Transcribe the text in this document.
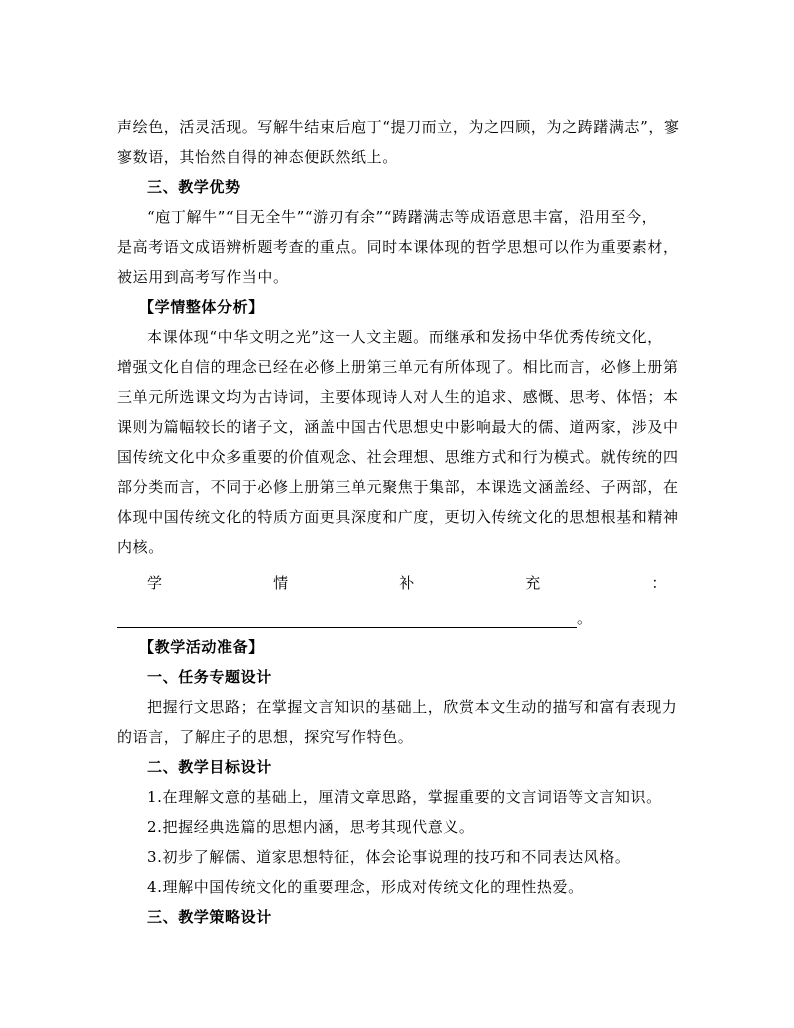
声绘色，活灵活现。写解牛结束后庖丁“提刀而立，为之四顾，为之踌躇满志”，寥
寥数语，其怡然自得的神态便跃然纸上。
三、教学优势
“庖丁解牛”“目无全牛”“游刃有余”“踌躇满志等成语意思丰富，沿用至今，
是高考语文成语辨析题考查的重点。同时本课体现的哲学思想可以作为重要素材，
被运用到高考写作当中。
【学情整体分析】
本课体现“中华文明之光”这一人文主题。而继承和发扬中华优秀传统文化，
增强文化自信的理念已经在必修上册第三单元有所体现了。相比而言，必修上册第
三单元所选课文均为古诗词，主要体现诗人对人生的追求、感慨、思考、体悟；本
课则为篇幅较长的诸子文，涵盖中国古代思想史中影响最大的儒、道两家，涉及中
国传统文化中众多重要的价值观念、社会理想、思维方式和行为模式。就传统的四
部分类而言，不同于必修上册第三单元聚焦于集部，本课选文涵盖经、子两部，在
体现中国传统文化的特质方面更具深度和广度，更切入传统文化的思想根基和精神
内核。
学	情	补	充	：
。
【教学活动准备】
一、任务专题设计
把握行文思路；在掌握文言知识的基础上，欣赏本文生动的描写和富有表现力
的语言，了解庄子的思想，探究写作特色。
二、教学目标设计
1.在理解文意的基础上，厘清文章思路，掌握重要的文言词语等文言知识。
2.把握经典选篇的思想内涵，思考其现代意义。
3.初步了解儒、道家思想特征，体会论事说理的技巧和不同表达风格。
4.理解中国传统文化的重要理念，形成对传统文化的理性热爱。
三、教学策略设计
